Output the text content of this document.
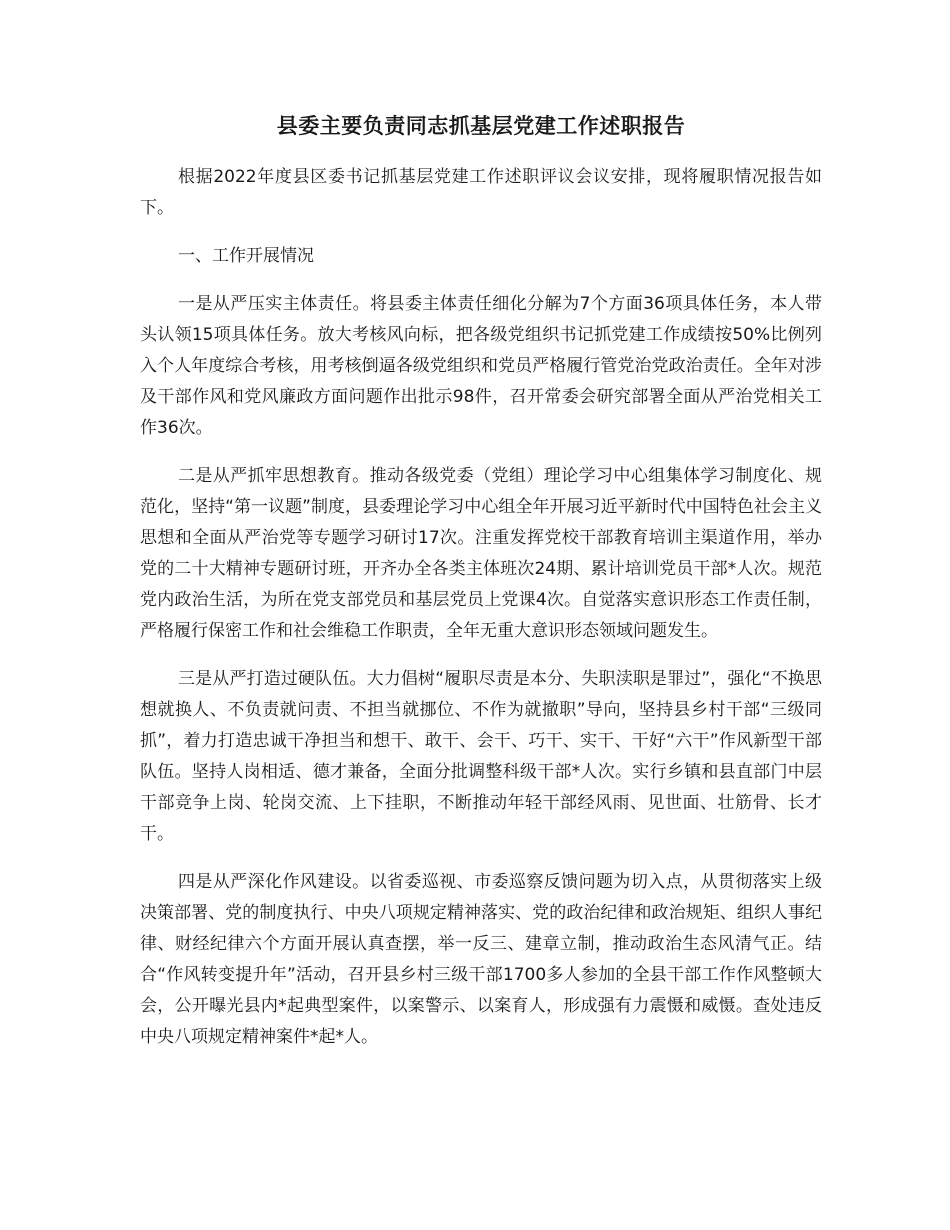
县委主要负责同志抓基层党建工作述职报告

根据2022年度县区委书记抓基层党建工作述职评议会议安排，现将履职情况报告如下。

一、工作开展情况

一是从严压实主体责任。将县委主体责任细化分解为7个方面36项具体任务，本人带头认领15项具体任务。放大考核风向标，把各级党组织书记抓党建工作成绩按50%比例列入个人年度综合考核，用考核倒逼各级党组织和党员严格履行管党治党政治责任。全年对涉及干部作风和党风廉政方面问题作出批示98件，召开常委会研究部署全面从严治党相关工作36次。

二是从严抓牢思想教育。推动各级党委（党组）理论学习中心组集体学习制度化、规范化，坚持“第一议题”制度，县委理论学习中心组全年开展习近平新时代中国特色社会主义思想和全面从严治党等专题学习研讨17次。注重发挥党校干部教育培训主渠道作用，举办党的二十大精神专题研讨班，开齐办全各类主体班次24期、累计培训党员干部*人次。规范党内政治生活，为所在党支部党员和基层党员上党课4次。自觉落实意识形态工作责任制，严格履行保密工作和社会维稳工作职责，全年无重大意识形态领域问题发生。

三是从严打造过硬队伍。大力倡树“履职尽责是本分、失职渎职是罪过”，强化“不换思想就换人、不负责就问责、不担当就挪位、不作为就撤职”导向，坚持县乡村干部“三级同抓”，着力打造忠诚干净担当和想干、敢干、会干、巧干、实干、干好“六干”作风新型干部队伍。坚持人岗相适、德才兼备，全面分批调整科级干部*人次。实行乡镇和县直部门中层干部竞争上岗、轮岗交流、上下挂职，不断推动年轻干部经风雨、见世面、壮筋骨、长才干。

四是从严深化作风建设。以省委巡视、市委巡察反馈问题为切入点，从贯彻落实上级决策部署、党的制度执行、中央八项规定精神落实、党的政治纪律和政治规矩、组织人事纪律、财经纪律六个方面开展认真查摆，举一反三、建章立制，推动政治生态风清气正。结合“作风转变提升年”活动，召开县乡村三级干部1700多人参加的全县干部工作作风整顿大会，公开曝光县内*起典型案件，以案警示、以案育人，形成强有力震慑和威慑。查处违反中央八项规定精神案件*起*人。
